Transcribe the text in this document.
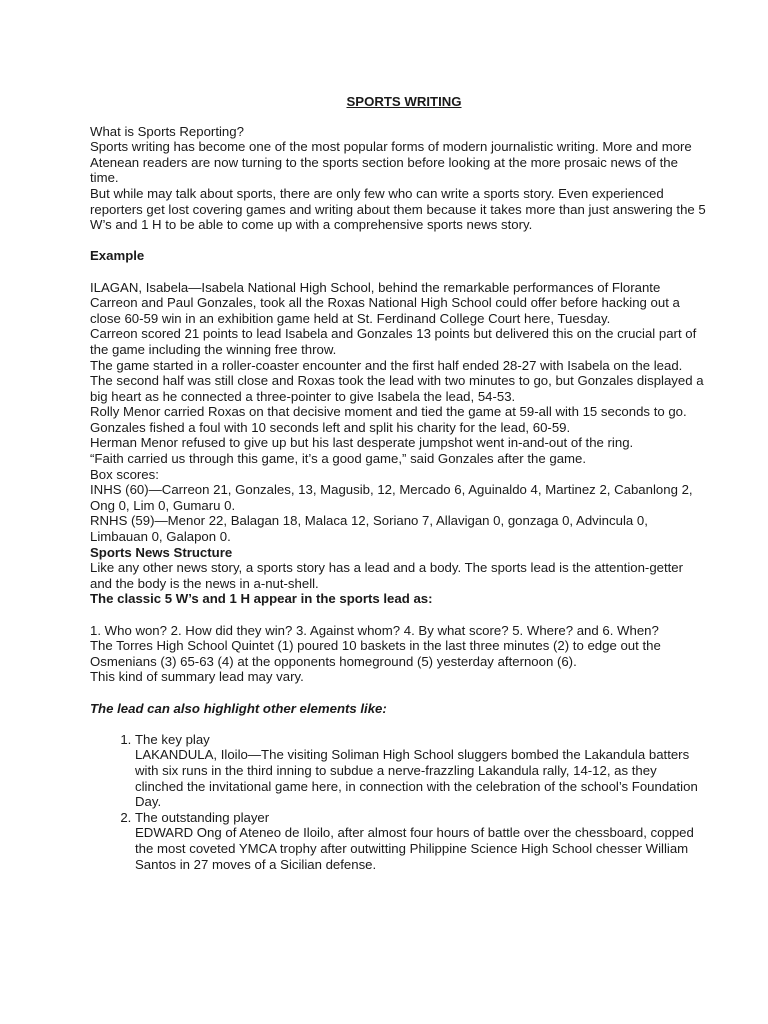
SPORTS WRITING

What is Sports Reporting?

Sports writing has become one of the most popular forms of modern journalistic writing. More and more Atenean readers are now turning to the sports section before looking at the more prosaic news of the time.

But while may talk about sports, there are only few who can write a sports story. Even experienced reporters get lost covering games and writing about them because it takes more than just answering the 5 W’s and 1 H to be able to come up with a comprehensive sports news story.

Example

ILAGAN, Isabela—Isabela National High School, behind the remarkable performances of Florante Carreon and Paul Gonzales, took all the Roxas National High School could offer before hacking out a close 60-59 win in an exhibition game held at St. Ferdinand College Court here, Tuesday.

Carreon scored 21 points to lead Isabela and Gonzales 13 points but delivered this on the crucial part of the game including the winning free throw.

The game started in a roller-coaster encounter and the first half ended 28-27 with Isabela on the lead.

The second half was still close and Roxas took the lead with two minutes to go, but Gonzales displayed a big heart as he connected a three-pointer to give Isabela the lead, 54-53.

Rolly Menor carried Roxas on that decisive moment and tied the game at 59-all with 15 seconds to go.

Gonzales fished a foul with 10 seconds left and split his charity for the lead, 60-59.

Herman Menor refused to give up but his last desperate jumpshot went in-and-out of the ring.

“Faith carried us through this game, it’s a good game,” said Gonzales after the game.

Box scores:

INHS (60)—Carreon 21, Gonzales, 13, Magusib, 12, Mercado 6, Aguinaldo 4, Martinez 2, Cabanlong 2, Ong 0, Lim 0, Gumaru 0.

RNHS (59)—Menor 22, Balagan 18, Malaca 12, Soriano 7, Allavigan 0, gonzaga 0, Advincula 0, Limbauan 0, Galapon 0.

Sports News Structure

Like any other news story, a sports story has a lead and a body. The sports lead is the attention-getter and the body is the news in a-nut-shell.

The classic 5 W’s and 1 H appear in the sports lead as:

1. Who won? 2. How did they win? 3. Against whom? 4. By what score? 5. Where? and 6. When?

The Torres High School Quintet (1) poured 10 baskets in the last three minutes (2) to edge out the Osmenians (3) 65-63 (4) at the opponents homeground (5) yesterday afternoon (6).

This kind of summary lead may vary.

The lead can also highlight other elements like:

1. The key play
LAKANDULA, Iloilo—The visiting Soliman High School sluggers bombed the Lakandula batters with six runs in the third inning to subdue a nerve-frazzling Lakandula rally, 14-12, as they clinched the invitational game here, in connection with the celebration of the school’s Foundation Day.
2. The outstanding player
EDWARD Ong of Ateneo de Iloilo, after almost four hours of battle over the chessboard, copped the most coveted YMCA trophy after outwitting Philippine Science High School chesser William Santos in 27 moves of a Sicilian defense.
